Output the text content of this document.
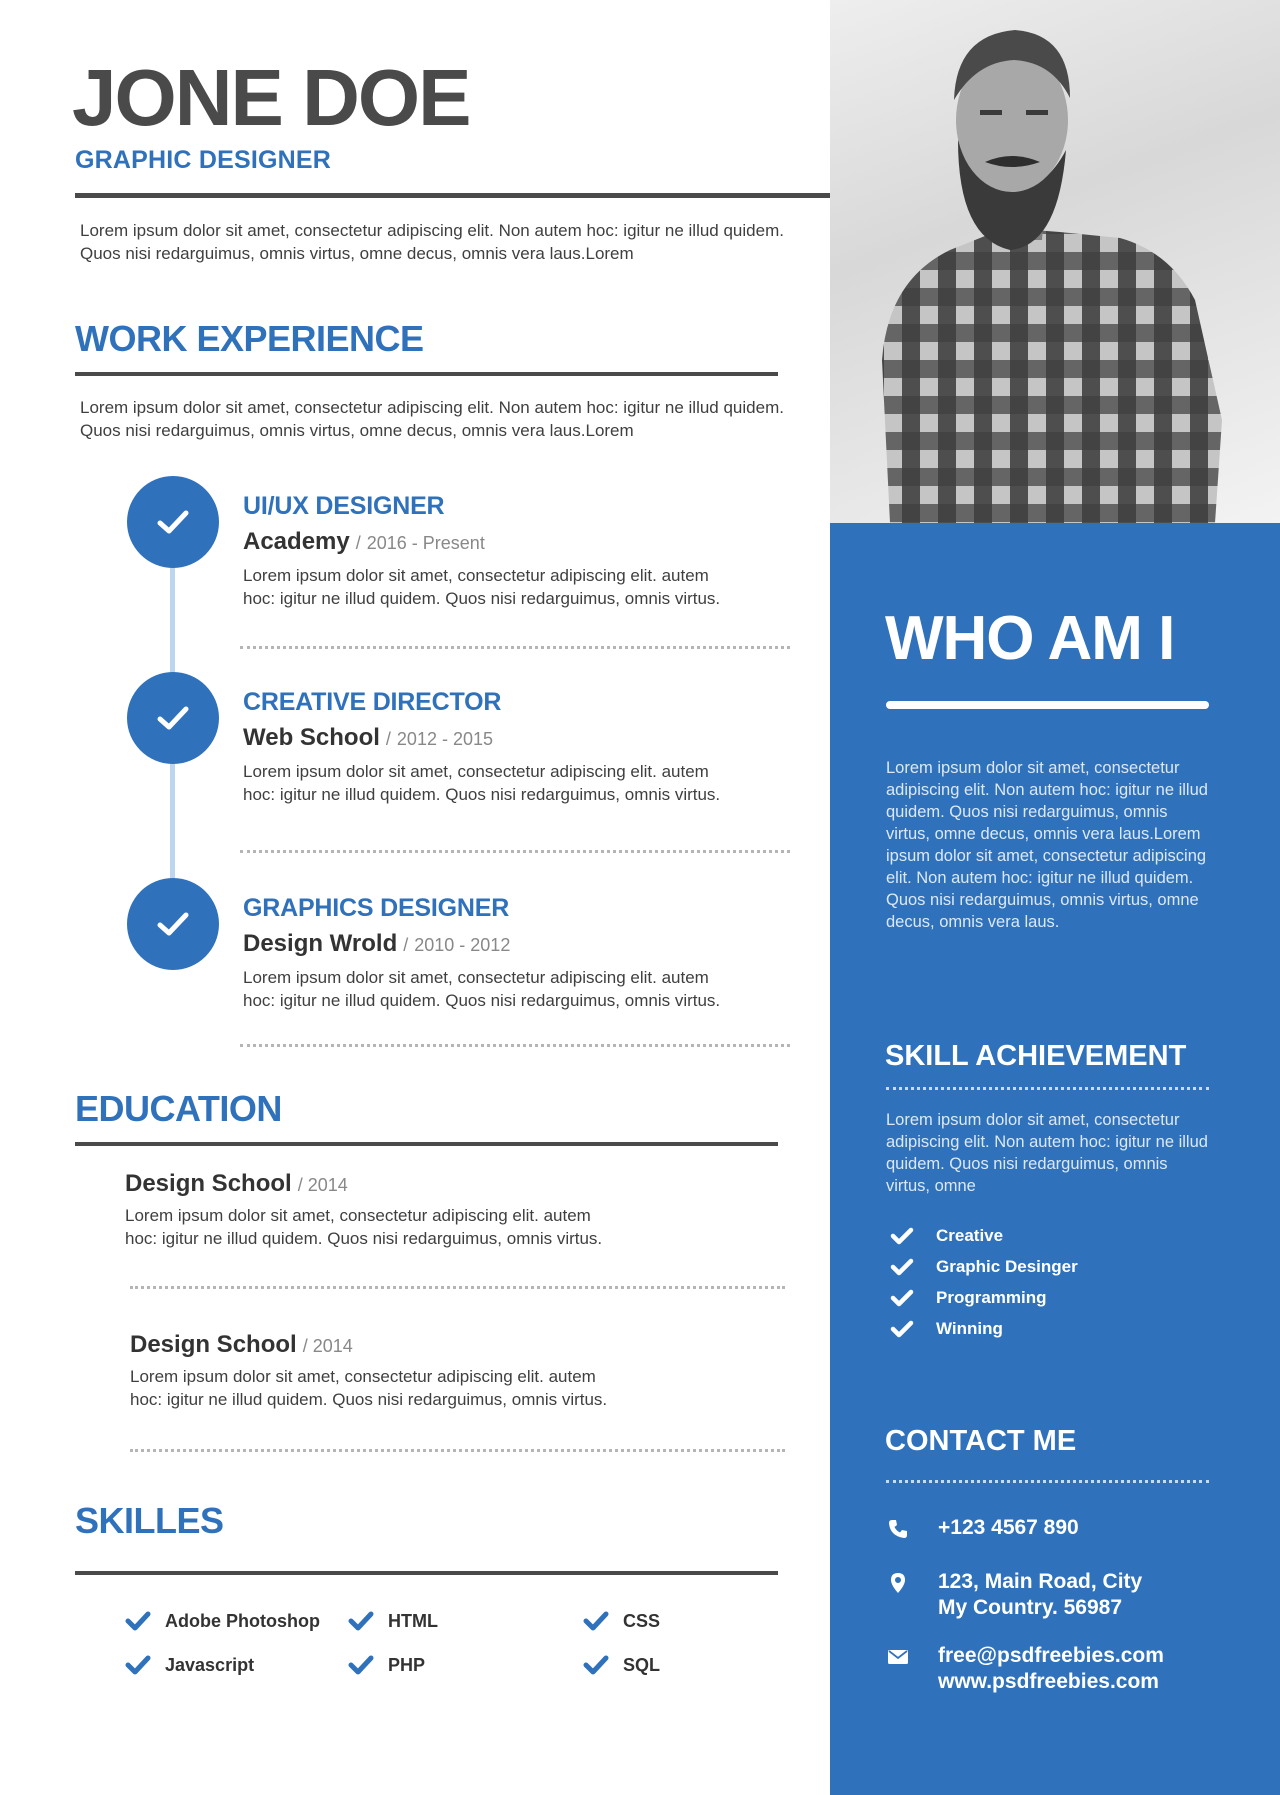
JONE DOE
GRAPHIC DESIGNER

Lorem ipsum dolor sit amet, consectetur adipiscing elit. Non autem hoc: igitur ne illud quidem. Quos nisi redarguimus, omnis virtus, omne decus, omnis vera laus.Lorem

WORK EXPERIENCE

Lorem ipsum dolor sit amet, consectetur adipiscing elit. Non autem hoc: igitur ne illud quidem. Quos nisi redarguimus, omnis virtus, omne decus, omnis vera laus.Lorem

UI/UX DESIGNER
Academy / 2016 - Present

Lorem ipsum dolor sit amet, consectetur adipiscing elit. autem hoc: igitur ne illud quidem. Quos nisi redarguimus, omnis virtus.

CREATIVE DIRECTOR
Web School / 2012 - 2015

Lorem ipsum dolor sit amet, consectetur adipiscing elit. autem hoc: igitur ne illud quidem. Quos nisi redarguimus, omnis virtus.

GRAPHICS DESIGNER
Design Wrold / 2010 - 2012

Lorem ipsum dolor sit amet, consectetur adipiscing elit. autem hoc: igitur ne illud quidem. Quos nisi redarguimus, omnis virtus.

EDUCATION
Design School / 2014

Lorem ipsum dolor sit amet, consectetur adipiscing elit. autem hoc: igitur ne illud quidem. Quos nisi redarguimus, omnis virtus.

Design School / 2014

Lorem ipsum dolor sit amet, consectetur adipiscing elit. autem hoc: igitur ne illud quidem. Quos nisi redarguimus, omnis virtus.

SKILLES
Adobe Photoshop	HTML	CSS
Javascript	PHP	SQL
WHO AM I

Lorem ipsum dolor sit amet, consectetur adipiscing elit. Non autem hoc: igitur ne illud quidem. Quos nisi redarguimus, omnis virtus, omne decus, omnis vera laus.Lorem ipsum dolor sit amet, consectetur adipiscing elit. Non autem hoc: igitur ne illud quidem. Quos nisi redarguimus, omnis virtus, omne decus, omnis vera laus.

SKILL ACHIEVEMENT

Lorem ipsum dolor sit amet, consectetur adipiscing elit. Non autem hoc: igitur ne illud quidem. Quos nisi redarguimus, omnis virtus, omne

Creative
Graphic Desinger
Programming
Winning
CONTACT ME
+123 4567 890
123, Main Road, City
My Country. 56987
free@psdfreebies.com
www.psdfreebies.com
